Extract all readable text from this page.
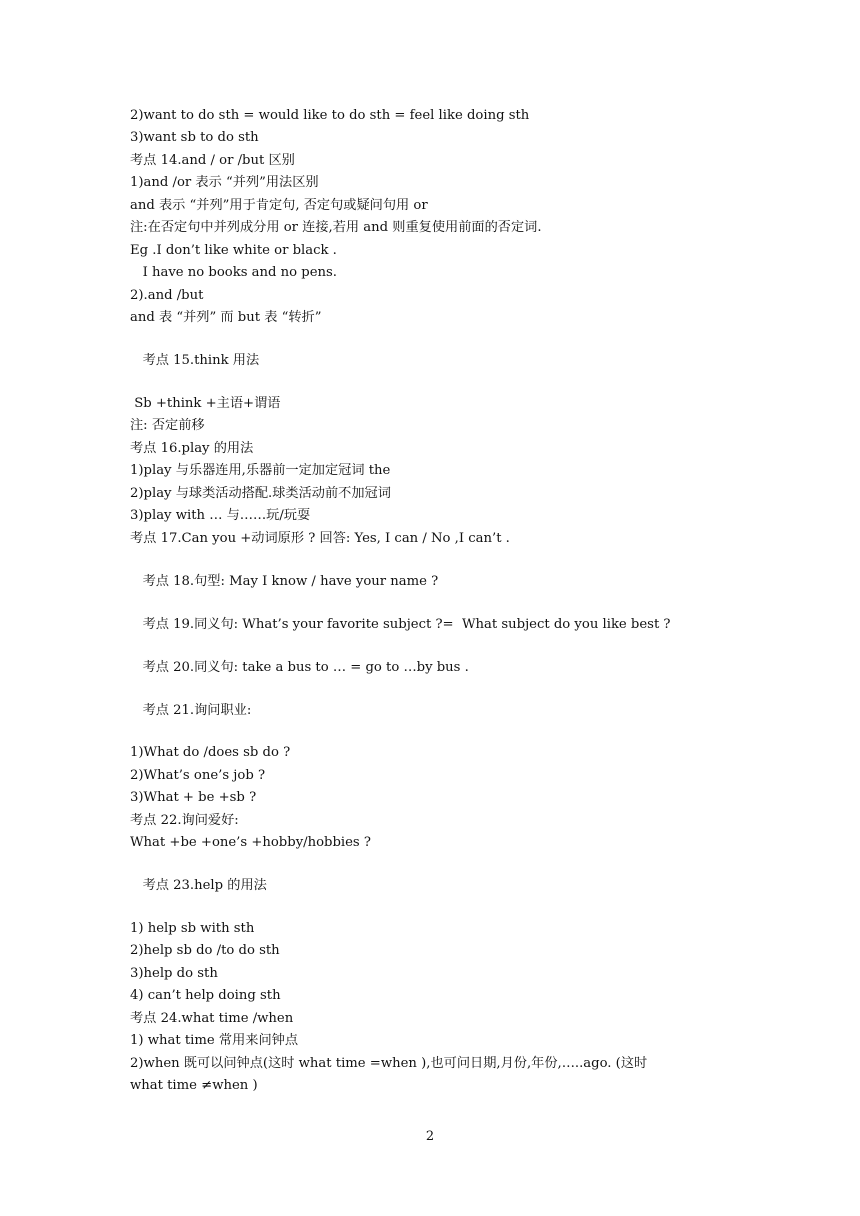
2)want to do sth = would like to do sth = feel like doing sth
3)want sb to do sth
考点 14.and / or /but 区别
1)and /or 表示 “并列”用法区别
and 表示 “并列”用于肯定句, 否定句或疑问句用 or
注:在否定句中并列成分用 or 连接,若用 and 则重复使用前面的否定词.
Eg .I don’t like white or black .
I have no books and no pens.
2).and /but
and 表 “并列” 而 but 表 “转折”
考点 15.think 用法
Sb +think +主语+谓语
注: 否定前移
考点 16.play 的用法
1)play 与乐器连用,乐器前一定加定冠词 the
2)play 与球类活动搭配.球类活动前不加冠词
3)play with … 与……玩/玩耍
考点 17.Can you +动词原形 ? 回答: Yes, I can / No ,I can’t .
考点 18.句型: May I know / have your name ?
考点 19.同义句: What’s your favorite subject ?=  What subject do you like best ?
考点 20.同义句: take a bus to … = go to …by bus .
考点 21.询问职业:
1)What do /does sb do ?
2)What’s one’s job ?
3)What + be +sb ?
考点 22.询问爱好:
What +be +one’s +hobby/hobbies ?
考点 23.help 的用法
1) help sb with sth
2)help sb do /to do sth
3)help do sth
4) can’t help doing sth
考点 24.what time /when
1) what time 常用来问钟点
2)when 既可以问钟点(这时 what time =when ),也可问日期,月份,年份,…..ago. (这时
what time ≠when )
2
